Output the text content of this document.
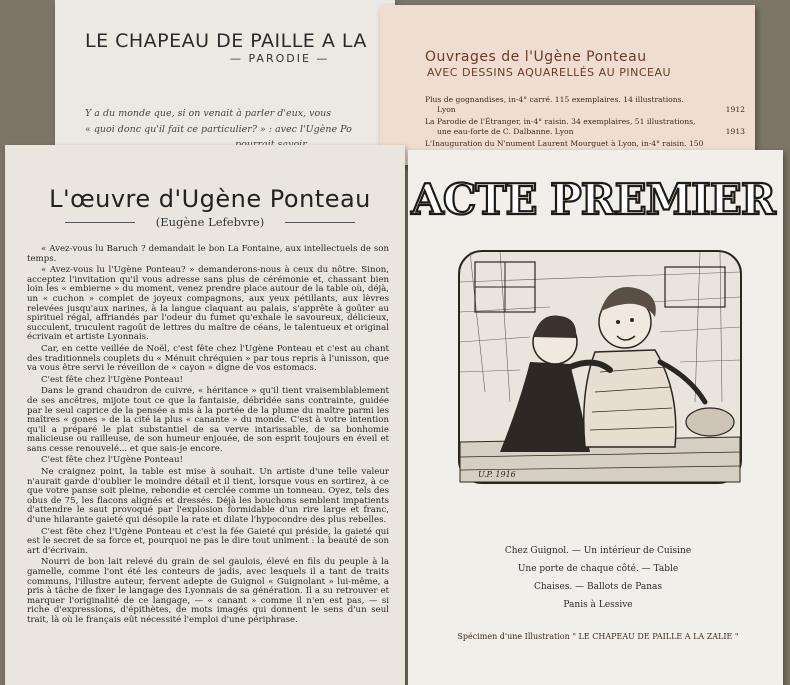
LE CHAPEAU DE PAILLE A LA
— PARODIE —
Y a du monde que, si on venait à parler d'eux, vous
« quoi donc qu'il fait ce particulier? » : avec l'Ugène Po
Ouvrages de l'Ugène Ponteau
AVEC DESSINS AQUARELLÉS AU PINCEAU
Plus de gognandises, in-4° carré. 115 exemplaires. 14 illustrations.
Lyon	1912
La Parodie de l'Étranger, in-4° raisin. 34 exemplaires, 51 illustrations,
une eau-forte de C. Dalbanne. Lyon	1913
L'Inauguration du N'nument Laurent Mourguet à Lyon, in-4° raisin. 150
L'œuvre d'Ugène Ponteau
(Eugène Lefebvre)

« Avez-vous lu Baruch ? demandait le bon La Fontaine, aux intellectuels de son temps.

« Avez-vous lu l'Ugène Ponteau? » demanderons-nous à ceux du nôtre. Sinon, acceptez l'invitation qu'il vous adresse sans plus de cérémonie et, chassant bien loin les « embierne » du moment, venez prendre place autour de la table où, déjà, un « cuchon » complet de joyeux compagnons, aux yeux pétillants, aux lèvres relevées jusqu'aux narines, à la langue claquant au palais, s'apprête à goûter au spirituel régal, affriandés par l'odeur du fumet qu'exhale le savoureux, délicieux, succulent, truculent ragoût de lettres du maître de céans, le talentueux et original écrivain et artiste Lyonnais.

Car, en cette veillée de Noël, c'est fête chez l'Ugène Ponteau et c'est au chant des traditionnels couplets du « Ménuit chréquien » par tous repris à l'unisson, que va vous être servi le réveillon de « cayon » digne de vos estomacs.

C'est fête chez l'Ugène Ponteau!

Dans le grand chaudron de cuivre, « héritance » qu'il tient vraisemblablement de ses ancêtres, mijote tout ce que la fantaisie, débridée sans contrainte, guidée par le seul caprice de la pensée a mis à la portée de la plume du maître parmi les maîtres « gones » de la cité la plus « canante » du monde. C'est à votre intention qu'il a préparé le plat substantiel de sa verve intarissable, de sa bonhomie malicieuse ou railleuse, de son humeur enjouée, de son esprit toujours en éveil et sans cesse renouvelé... et que sais-je encore.

C'est fête chez l'Ugène Ponteau!

Ne craignez point, la table est mise à souhait. Un artiste d'une telle valeur n'aurait garde d'oublier le moindre détail et il tient, lorsque vous en sortirez, à ce que votre panse soit pleine, rebondie et cerclée comme un tonneau. Oyez, tels des obus de 75, les flacons alignés et dressés. Déjà les bouchons semblent impatients d'attendre le saut provoqué par l'explosion formidable d'un rire large et franc, d'une hilarante gaieté qui désopile la rate et dilate l'hypocondre des plus rebelles.

C'est fête chez l'Ugène Ponteau et c'est la fée Gaieté qui préside, la gaieté qui est le secret de sa force et, pourquoi ne pas le dire tout uniment : la beauté de son art d'écrivain.

Nourri de bon lait relevé du grain de sel gaulois, élevé en fils du peuple à la gamelle, comme l'ont été les conteurs de jadis, avec lesquels il a tant de traits communs, l'illustre auteur, fervent adepte de Guignol « Guignolant » lui-même, a pris à tâche de fixer le langage des Lyonnais de sa génération. Il a su retrouver et marquer l'originalité de ce langage, — « canant » comme il n'en est pas, — si riche d'expressions, d'épithètes, de mots imagés qui donnent le sens d'un seul trait, là où le français eût nécessité l'emploi d'une périphrase.

ACTE PREMIER
U.P. 1916
Chez Guignol. — Un intérieur de Cuisine
Une porte de chaque côté. — Table
Chaises. — Ballots de Panas
Panis à Lessive
Spécimen d'une Illustration " LE CHAPEAU DE PAILLE A LA ZALIE "
